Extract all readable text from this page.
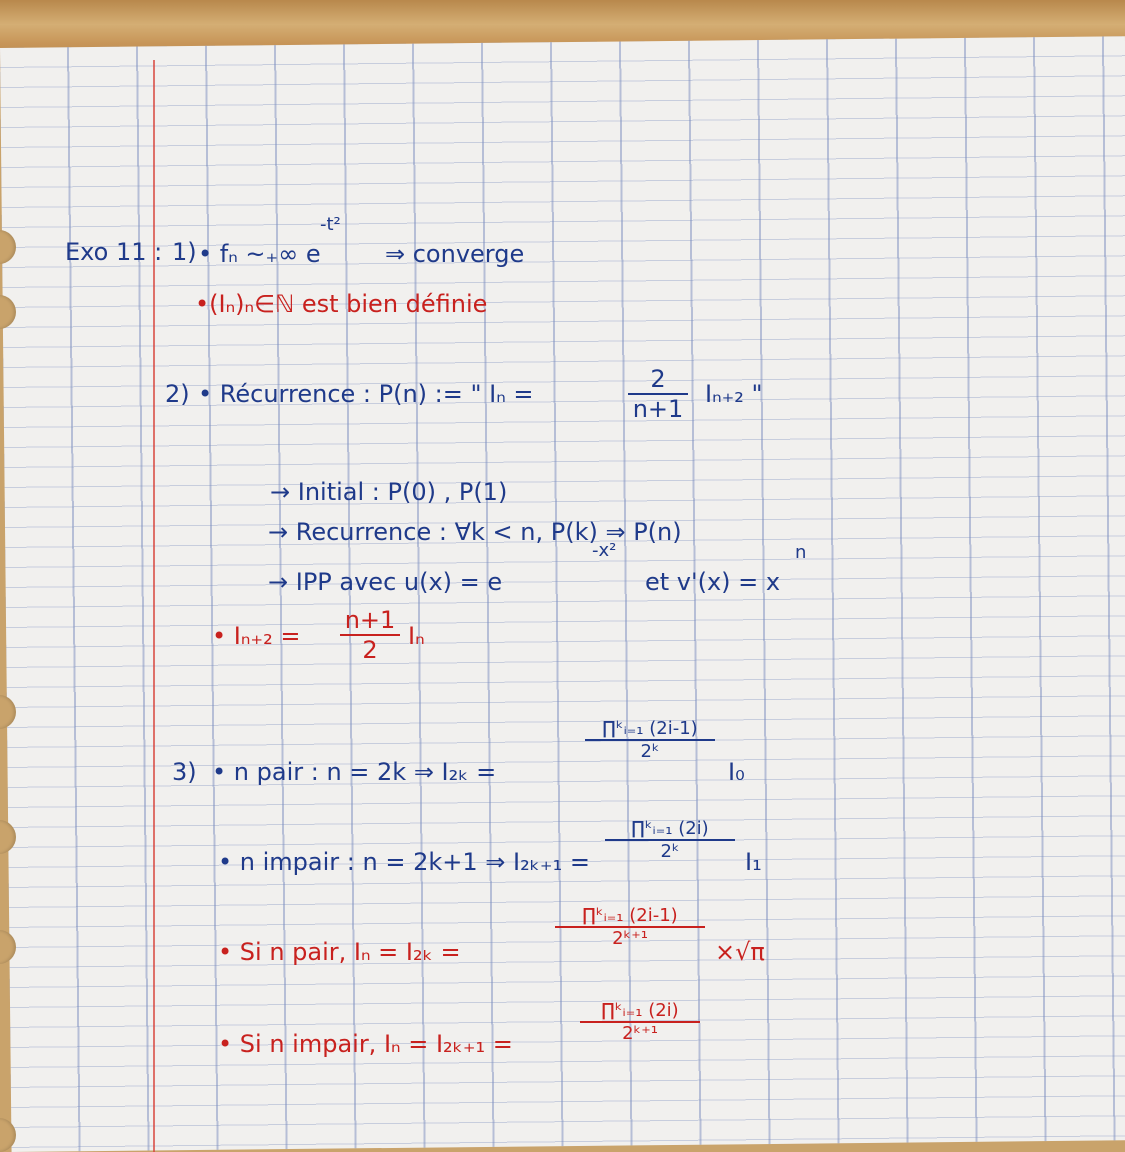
Exo 11 : 1) • fₙ ~₊∞ e
-t²
⇒ converge
•(Iₙ)ₙ∈ℕ est bien définie
2) • Récurrence : P(n) := " Iₙ =
2
n+1
Iₙ₊₂ "
→ Initial : P(0) , P(1)
→ Recurrence : ∀k < n, P(k) ⇒ P(n)
→ IPP avec u(x) = e
-x²
et v'(x) = x
n
• Iₙ₊₂ =
n+1
2 Iₙ
3) • n pair : n = 2k ⇒ I₂ₖ =
∏ᵏᵢ₌₁ (2i-1)
2ᵏ
I₀
• n impair : n = 2k+1 ⇒ I₂ₖ₊₁ =
∏ᵏᵢ₌₁ (2i)
2ᵏ	I₁
• Si n pair, Iₙ = I₂ₖ =
∏ᵏᵢ₌₁ (2i-1)
2ᵏ⁺¹	×√π
• Si n impair, Iₙ = I₂ₖ₊₁ =
∏ᵏᵢ₌₁ (2i)
2ᵏ⁺¹
